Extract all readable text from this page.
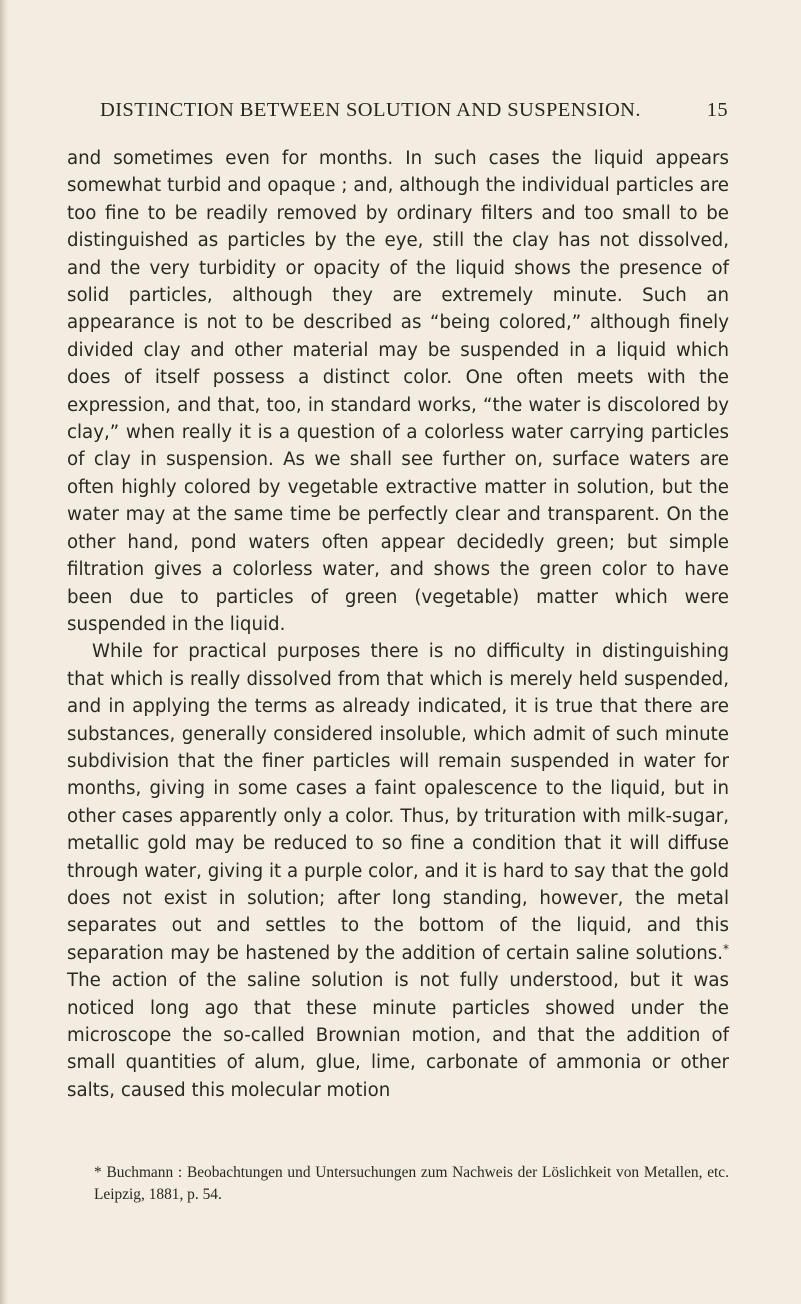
DISTINCTION BETWEEN SOLUTION AND SUSPENSION.	15

and sometimes even for months. In such cases the liquid appears somewhat turbid and opaque ; and, although the individual particles are too fine to be readily removed by ordinary filters and too small to be distinguished as particles by the eye, still the clay has not dissolved, and the very turbidity or opacity of the liquid shows the presence of solid particles, although they are extremely minute. Such an appearance is not to be described as “being colored,” although finely divided clay and other material may be suspended in a liquid which does of itself possess a distinct color. One often meets with the expression, and that, too, in standard works, “the water is discolored by clay,” when really it is a question of a colorless water carrying particles of clay in suspension. As we shall see further on, surface waters are often highly colored by vegetable extractive matter in solution, but the water may at the same time be perfectly clear and transparent. On the other hand, pond waters often appear decidedly green; but simple filtration gives a colorless water, and shows the green color to have been due to particles of green (vegetable) matter which were suspended in the liquid.

While for practical purposes there is no difficulty in distinguishing that which is really dissolved from that which is merely held suspended, and in applying the terms as already indicated, it is true that there are substances, generally considered insoluble, which admit of such minute subdivision that the finer particles will remain suspended in water for months, giving in some cases a faint opalescence to the liquid, but in other cases apparently only a color. Thus, by trituration with milk-sugar, metallic gold may be reduced to so fine a condition that it will diffuse through water, giving it a purple color, and it is hard to say that the gold does not exist in solution; after long standing, however, the metal separates out and settles to the bottom of the liquid, and this separation may be hastened by the addition of certain saline solutions.* The action of the saline solution is not fully understood, but it was noticed long ago that these minute particles showed under the microscope the so-called Brownian motion, and that the addition of small quantities of alum, glue, lime, carbonate of ammonia or other salts, caused this molecular motion

* Buchmann : Beobachtungen und Untersuchungen zum Nachweis der Löslichkeit von Metallen, etc. Leipzig, 1881, p. 54.
